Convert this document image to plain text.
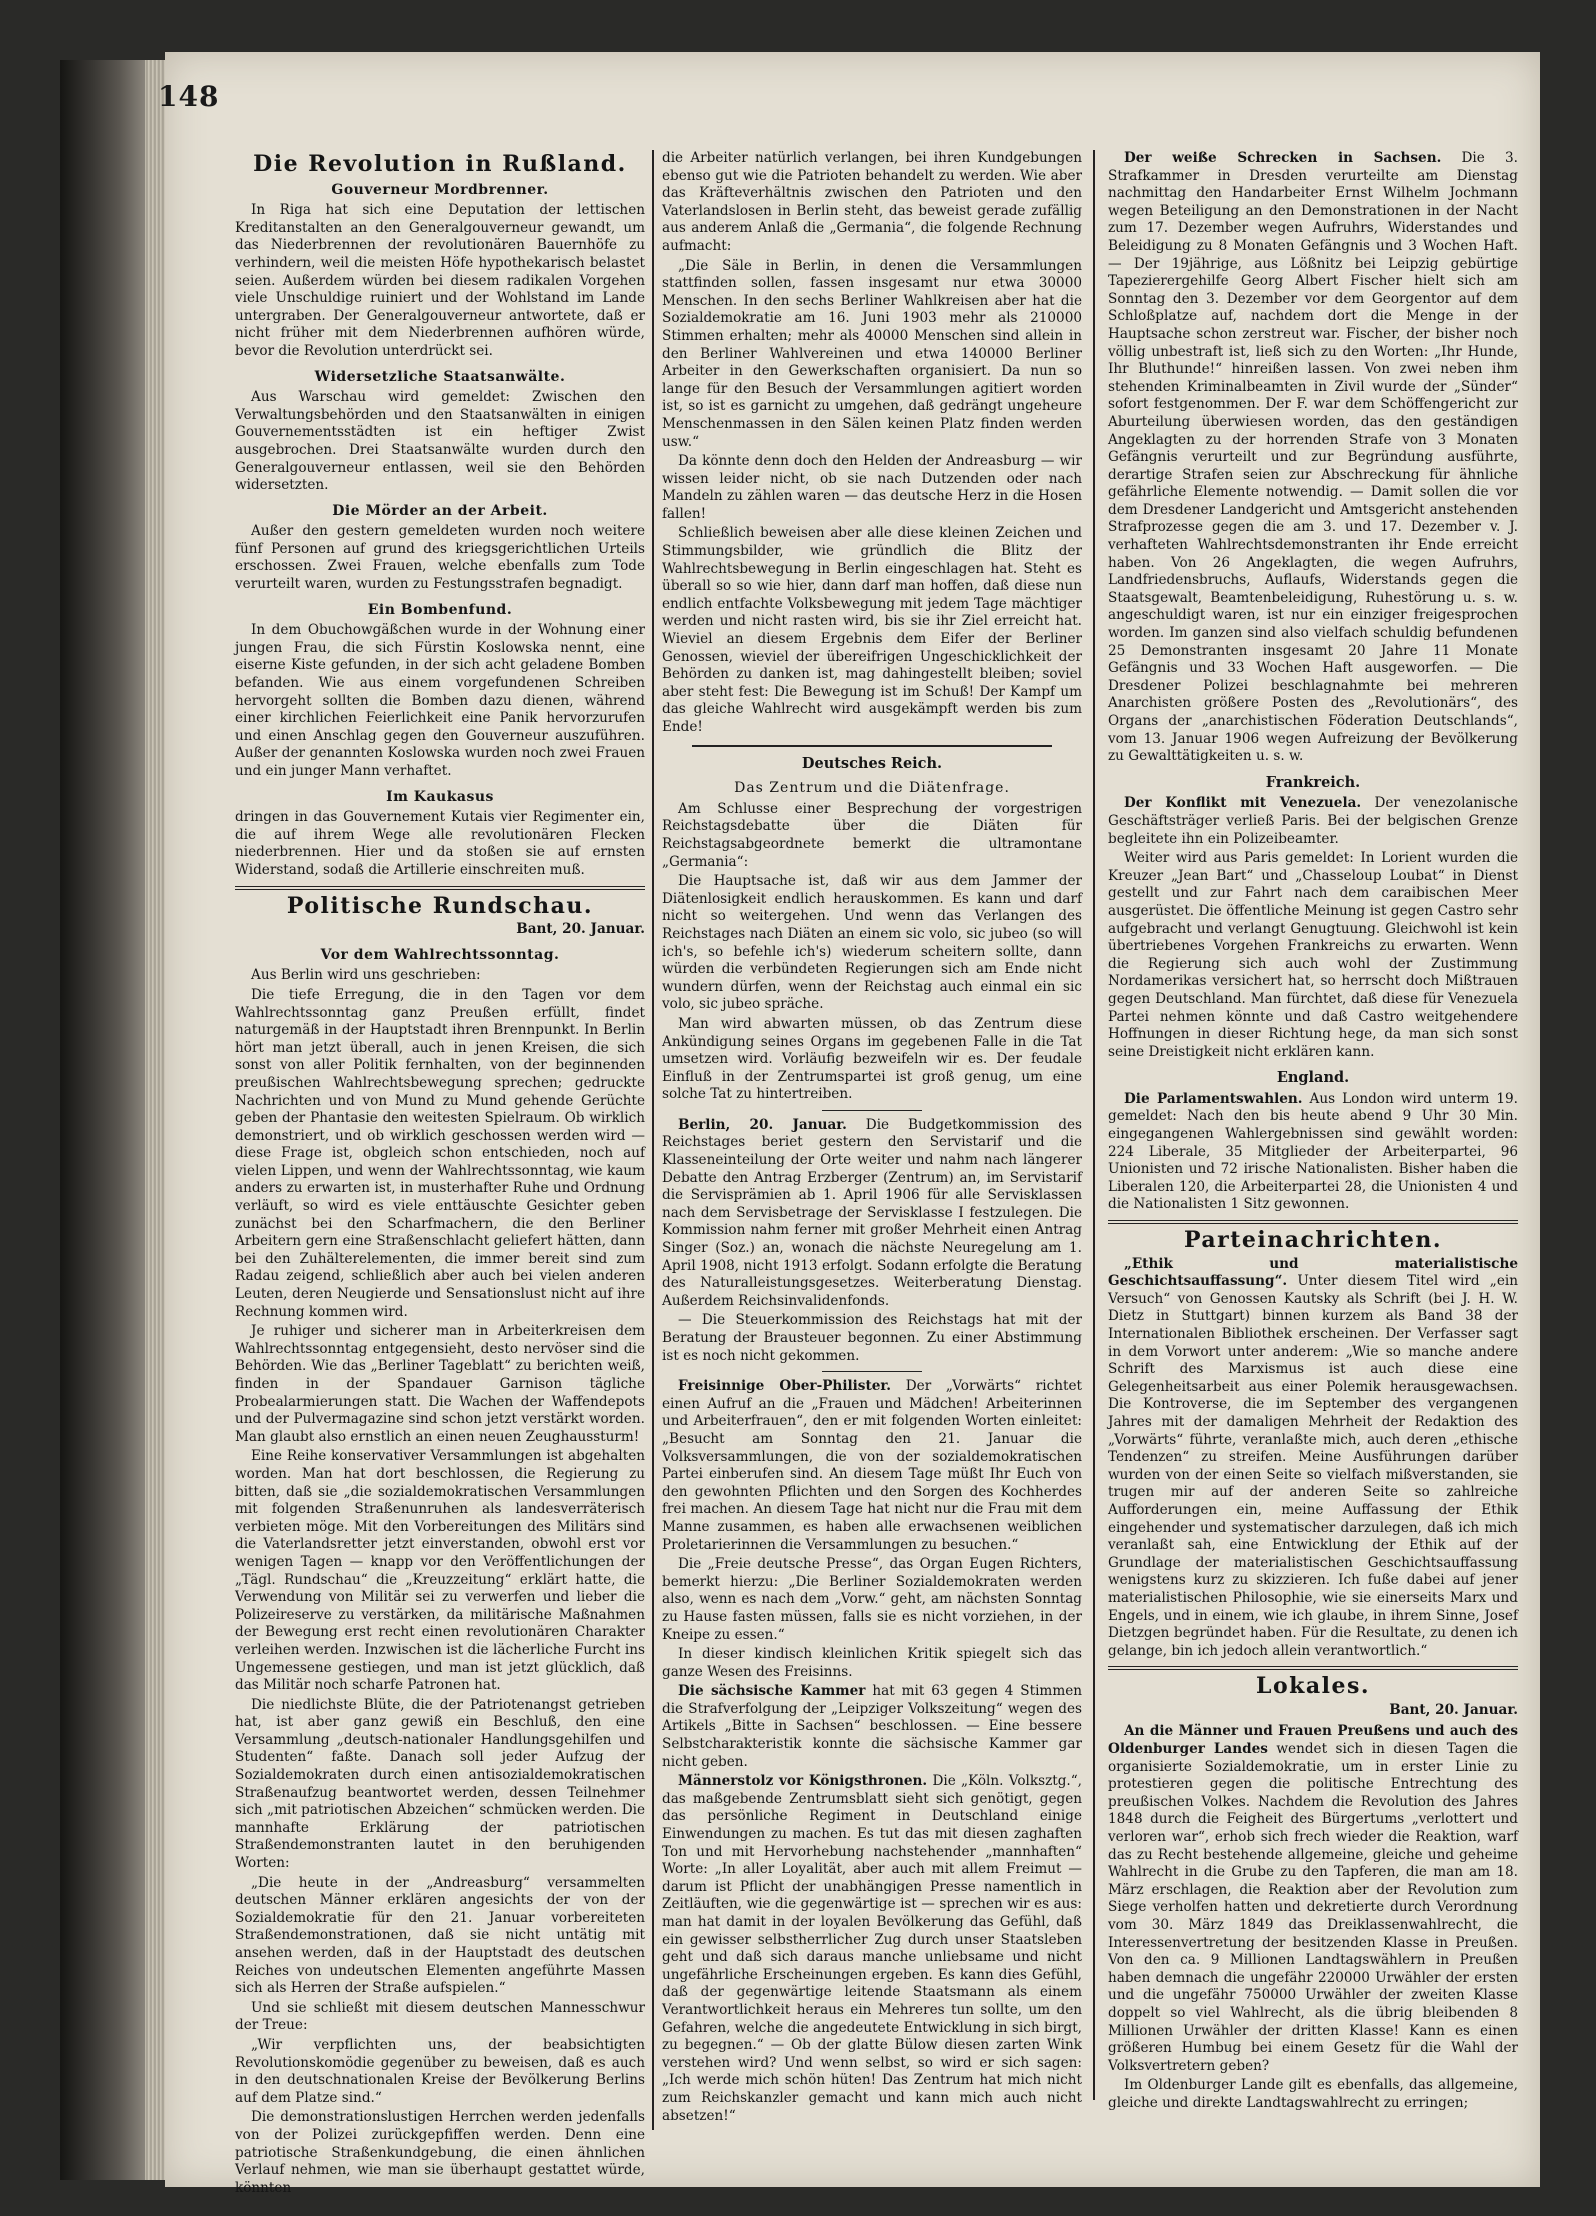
148
Die Revolution in Rußland.
Gouverneur Mordbrenner.

In Riga hat sich eine Deputation der lettischen Kreditanstalten an den Generalgouverneur gewandt, um das Niederbrennen der revolutionären Bauernhöfe zu verhindern, weil die meisten Höfe hypothekarisch belastet seien. Außerdem würden bei diesem radikalen Vorgehen viele Unschuldige ruiniert und der Wohlstand im Lande untergraben. Der Generalgouverneur antwortete, daß er nicht früher mit dem Niederbrennen aufhören würde, bevor die Revolution unterdrückt sei.

Widersetzliche Staatsanwälte.

Aus Warschau wird gemeldet: Zwischen den Verwaltungsbehörden und den Staatsanwälten in einigen Gouvernementsstädten ist ein heftiger Zwist ausgebrochen. Drei Staatsanwälte wurden durch den Generalgouverneur entlassen, weil sie den Behörden widersetzten.

Die Mörder an der Arbeit.

Außer den gestern gemeldeten wurden noch weitere fünf Personen auf grund des kriegsgerichtlichen Urteils erschossen. Zwei Frauen, welche ebenfalls zum Tode verurteilt waren, wurden zu Festungsstrafen begnadigt.

Ein Bombenfund.

In dem Obuchowgäßchen wurde in der Wohnung einer jungen Frau, die sich Fürstin Koslowska nennt, eine eiserne Kiste gefunden, in der sich acht geladene Bomben befanden. Wie aus einem vorgefundenen Schreiben hervorgeht sollten die Bomben dazu dienen, während einer kirchlichen Feierlichkeit eine Panik hervorzurufen und einen Anschlag gegen den Gouverneur auszuführen. Außer der genannten Koslowska wurden noch zwei Frauen und ein junger Mann verhaftet.

Im Kaukasus

dringen in das Gouvernement Kutais vier Regimenter ein, die auf ihrem Wege alle revolutionären Flecken niederbrennen. Hier und da stoßen sie auf ernsten Widerstand, sodaß die Artillerie einschreiten muß.

Politische Rundschau.
Bant, 20. Januar.
Vor dem Wahlrechtssonntag.

Aus Berlin wird uns geschrieben:

Die tiefe Erregung, die in den Tagen vor dem Wahlrechtssonntag ganz Preußen erfüllt, findet naturgemäß in der Hauptstadt ihren Brennpunkt. In Berlin hört man jetzt überall, auch in jenen Kreisen, die sich sonst von aller Politik fernhalten, von der beginnenden preußischen Wahlrechtsbewegung sprechen; gedruckte Nachrichten und von Mund zu Mund gehende Gerüchte geben der Phantasie den weitesten Spielraum. Ob wirklich demonstriert, und ob wirklich geschossen werden wird — diese Frage ist, obgleich schon entschieden, noch auf vielen Lippen, und wenn der Wahlrechtssonntag, wie kaum anders zu erwarten ist, in musterhafter Ruhe und Ordnung verläuft, so wird es viele enttäuschte Gesichter geben zunächst bei den Scharfmachern, die den Berliner Arbeitern gern eine Straßenschlacht geliefert hätten, dann bei den Zuhälterelementen, die immer bereit sind zum Radau zeigend, schließlich aber auch bei vielen anderen Leuten, deren Neugierde und Sensationslust nicht auf ihre Rechnung kommen wird.

Je ruhiger und sicherer man in Arbeiterkreisen dem Wahlrechtssonntag entgegensieht, desto nervöser sind die Behörden. Wie das „Berliner Tageblatt“ zu berichten weiß, finden in der Spandauer Garnison tägliche Probealarmierungen statt. Die Wachen der Waffendepots und der Pulvermagazine sind schon jetzt verstärkt worden. Man glaubt also ernstlich an einen neuen Zeughaussturm!

Eine Reihe konservativer Versammlungen ist abgehalten worden. Man hat dort beschlossen, die Regierung zu bitten, daß sie „die sozialdemokratischen Versammlungen mit folgenden Straßenunruhen als landesverräterisch verbieten möge. Mit den Vorbereitungen des Militärs sind die Vaterlandsretter jetzt einverstanden, obwohl erst vor wenigen Tagen — knapp vor den Veröffentlichungen der „Tägl. Rundschau“ die „Kreuzzeitung“ erklärt hatte, die Verwendung von Militär sei zu verwerfen und lieber die Polizeireserve zu verstärken, da militärische Maßnahmen der Bewegung erst recht einen revolutionären Charakter verleihen werden. Inzwischen ist die lächerliche Furcht ins Ungemessene gestiegen, und man ist jetzt glücklich, daß das Militär noch scharfe Patronen hat.

Die niedlichste Blüte, die der Patriotenangst getrieben hat, ist aber ganz gewiß ein Beschluß, den eine Versammlung „deutsch-nationaler Handlungsgehilfen und Studenten“ faßte. Danach soll jeder Aufzug der Sozialdemokraten durch einen antisozialdemokratischen Straßenaufzug beantwortet werden, dessen Teilnehmer sich „mit patriotischen Abzeichen“ schmücken werden. Die mannhafte Erklärung der patriotischen Straßendemonstranten lautet in den beruhigenden Worten:

„Die heute in der „Andreasburg“ versammelten deutschen Männer erklären angesichts der von der Sozialdemokratie für den 21. Januar vorbereiteten Straßendemonstrationen, daß sie nicht untätig mit ansehen werden, daß in der Hauptstadt des deutschen Reiches von undeutschen Elementen angeführte Massen sich als Herren der Straße aufspielen.“

Und sie schließt mit diesem deutschen Mannesschwur der Treue:

„Wir verpflichten uns, der beabsichtigten Revolutionskomödie gegenüber zu beweisen, daß es auch in den deutschnationalen Kreise der Bevölkerung Berlins auf dem Platze sind.“

Die demonstrationslustigen Herrchen werden jedenfalls von der Polizei zurückgepfiffen werden. Denn eine patriotische Straßenkundgebung, die einen ähnlichen Verlauf nehmen, wie man sie überhaupt gestattet würde, könnten

die Arbeiter natürlich verlangen, bei ihren Kundgebungen ebenso gut wie die Patrioten behandelt zu werden. Wie aber das Kräfteverhältnis zwischen den Patrioten und den Vaterlandslosen in Berlin steht, das beweist gerade zufällig aus anderem Anlaß die „Germania“, die folgende Rechnung aufmacht:

„Die Säle in Berlin, in denen die Versammlungen stattfinden sollen, fassen insgesamt nur etwa 30000 Menschen. In den sechs Berliner Wahlkreisen aber hat die Sozialdemokratie am 16. Juni 1903 mehr als 210000 Stimmen erhalten; mehr als 40000 Menschen sind allein in den Berliner Wahlvereinen und etwa 140000 Berliner Arbeiter in den Gewerkschaften organisiert. Da nun so lange für den Besuch der Versammlungen agitiert worden ist, so ist es garnicht zu umgehen, daß gedrängt ungeheure Menschenmassen in den Sälen keinen Platz finden werden usw.“

Da könnte denn doch den Helden der Andreasburg — wir wissen leider nicht, ob sie nach Dutzenden oder nach Mandeln zu zählen waren — das deutsche Herz in die Hosen fallen!

Schließlich beweisen aber alle diese kleinen Zeichen und Stimmungsbilder, wie gründlich die Blitz der Wahlrechtsbewegung in Berlin eingeschlagen hat. Steht es überall so so wie hier, dann darf man hoffen, daß diese nun endlich entfachte Volksbewegung mit jedem Tage mächtiger werden und nicht rasten wird, bis sie ihr Ziel erreicht hat. Wieviel an diesem Ergebnis dem Eifer der Berliner Genossen, wieviel der übereifrigen Ungeschicklichkeit der Behörden zu danken ist, mag dahingestellt bleiben; soviel aber steht fest: Die Bewegung ist im Schuß! Der Kampf um das gleiche Wahlrecht wird ausgekämpft werden bis zum Ende!

Deutsches Reich.
Das Zentrum und die Diätenfrage.

Am Schlusse einer Besprechung der vorgestrigen Reichstagsdebatte über die Diäten für Reichstagsabgeordnete bemerkt die ultramontane „Germania“:

Die Hauptsache ist, daß wir aus dem Jammer der Diätenlosigkeit endlich herauskommen. Es kann und darf nicht so weitergehen. Und wenn das Verlangen des Reichstages nach Diäten an einem sic volo, sic jubeo (so will ich's, so befehle ich's) wiederum scheitern sollte, dann würden die verbündeten Regierungen sich am Ende nicht wundern dürfen, wenn der Reichstag auch einmal ein sic volo, sic jubeo spräche.

Man wird abwarten müssen, ob das Zentrum diese Ankündigung seines Organs im gegebenen Falle in die Tat umsetzen wird. Vorläufig bezweifeln wir es. Der feudale Einfluß in der Zentrumspartei ist groß genug, um eine solche Tat zu hintertreiben.

Berlin, 20. Januar. Die Budgetkommission des Reichstages beriet gestern den Servistarif und die Klasseneinteilung der Orte weiter und nahm nach längerer Debatte den Antrag Erzberger (Zentrum) an, im Servistarif die Servisprämien ab 1. April 1906 für alle Servisklassen nach dem Servisbetrage der Servisklasse I festzulegen. Die Kommission nahm ferner mit großer Mehrheit einen Antrag Singer (Soz.) an, wonach die nächste Neuregelung am 1. April 1908, nicht 1913 erfolgt. Sodann erfolgte die Beratung des Naturalleistungsgesetzes. Weiterberatung Dienstag. Außerdem Reichsinvalidenfonds.

— Die Steuerkommission des Reichstags hat mit der Beratung der Brausteuer begonnen. Zu einer Abstimmung ist es noch nicht gekommen.

Freisinnige Ober-Philister. Der „Vorwärts“ richtet einen Aufruf an die „Frauen und Mädchen! Arbeiterinnen und Arbeiterfrauen“, den er mit folgenden Worten einleitet: „Besucht am Sonntag den 21. Januar die Volksversammlungen, die von der sozialdemokratischen Partei einberufen sind. An diesem Tage müßt Ihr Euch von den gewohnten Pflichten und den Sorgen des Kochherdes frei machen. An diesem Tage hat nicht nur die Frau mit dem Manne zusammen, es haben alle erwachsenen weiblichen Proletarierinnen die Versammlungen zu besuchen.“

Die „Freie deutsche Presse“, das Organ Eugen Richters, bemerkt hierzu: „Die Berliner Sozialdemokraten werden also, wenn es nach dem „Vorw.“ geht, am nächsten Sonntag zu Hause fasten müssen, falls sie es nicht vorziehen, in der Kneipe zu essen.“

In dieser kindisch kleinlichen Kritik spiegelt sich das ganze Wesen des Freisinns.

Die sächsische Kammer hat mit 63 gegen 4 Stimmen die Strafverfolgung der „Leipziger Volkszeitung“ wegen des Artikels „Bitte in Sachsen“ beschlossen. — Eine bessere Selbstcharakteristik konnte die sächsische Kammer gar nicht geben.

Männerstolz vor Königsthronen. Die „Köln. Volksztg.“, das maßgebende Zentrumsblatt sieht sich genötigt, gegen das persönliche Regiment in Deutschland einige Einwendungen zu machen. Es tut das mit diesen zaghaften Ton und mit Hervorhebung nachstehender „mannhaften“ Worte: „In aller Loyalität, aber auch mit allem Freimut — darum ist Pflicht der unabhängigen Presse namentlich in Zeitläuften, wie die gegenwärtige ist — sprechen wir es aus: man hat damit in der loyalen Bevölkerung das Gefühl, daß ein gewisser selbstherrlicher Zug durch unser Staatsleben geht und daß sich daraus manche unliebsame und nicht ungefährliche Erscheinungen ergeben. Es kann dies Gefühl, daß der gegenwärtige leitende Staatsmann als einem Verantwortlichkeit heraus ein Mehreres tun sollte, um den Gefahren, welche die angedeutete Entwicklung in sich birgt, zu begegnen.“ — Ob der glatte Bülow diesen zarten Wink verstehen wird? Und wenn selbst, so wird er sich sagen: „Ich werde mich schön hüten! Das Zentrum hat mich nicht zum Reichskanzler gemacht und kann mich auch nicht absetzen!“

Der weiße Schrecken in Sachsen. Die 3. Strafkammer in Dresden verurteilte am Dienstag nachmittag den Handarbeiter Ernst Wilhelm Jochmann wegen Beteiligung an den Demonstrationen in der Nacht zum 17. Dezember wegen Aufruhrs, Widerstandes und Beleidigung zu 8 Monaten Gefängnis und 3 Wochen Haft. — Der 19jährige, aus Lößnitz bei Leipzig gebürtige Tapezierergehilfe Georg Albert Fischer hielt sich am Sonntag den 3. Dezember vor dem Georgentor auf dem Schloßplatze auf, nachdem dort die Menge in der Hauptsache schon zerstreut war. Fischer, der bisher noch völlig unbestraft ist, ließ sich zu den Worten: „Ihr Hunde, Ihr Bluthunde!“ hinreißen lassen. Von zwei neben ihm stehenden Kriminalbeamten in Zivil wurde der „Sünder“ sofort festgenommen. Der F. war dem Schöffengericht zur Aburteilung überwiesen worden, das den geständigen Angeklagten zu der horrenden Strafe von 3 Monaten Gefängnis verurteilt und zur Begründung ausführte, derartige Strafen seien zur Abschreckung für ähnliche gefährliche Elemente notwendig. — Damit sollen die vor dem Dresdener Landgericht und Amtsgericht anstehenden Strafprozesse gegen die am 3. und 17. Dezember v. J. verhafteten Wahlrechtsdemonstranten ihr Ende erreicht haben. Von 26 Angeklagten, die wegen Aufruhrs, Landfriedensbruchs, Auflaufs, Widerstands gegen die Staatsgewalt, Beamtenbeleidigung, Ruhestörung u. s. w. angeschuldigt waren, ist nur ein einziger freigesprochen worden. Im ganzen sind also vielfach schuldig befundenen 25 Demonstranten insgesamt 20 Jahre 11 Monate Gefängnis und 33 Wochen Haft ausgeworfen. — Die Dresdener Polizei beschlagnahmte bei mehreren Anarchisten größere Posten des „Revolutionärs“, des Organs der „anarchistischen Föderation Deutschlands“, vom 13. Januar 1906 wegen Aufreizung der Bevölkerung zu Gewalttätigkeiten u. s. w.

Frankreich.

Der Konflikt mit Venezuela. Der venezolanische Geschäftsträger verließ Paris. Bei der belgischen Grenze begleitete ihn ein Polizeibeamter.

Weiter wird aus Paris gemeldet: In Lorient wurden die Kreuzer „Jean Bart“ und „Chasseloup Loubat“ in Dienst gestellt und zur Fahrt nach dem caraibischen Meer ausgerüstet. Die öffentliche Meinung ist gegen Castro sehr aufgebracht und verlangt Genugtuung. Gleichwohl ist kein übertriebenes Vorgehen Frankreichs zu erwarten. Wenn die Regierung sich auch wohl der Zustimmung Nordamerikas versichert hat, so herrscht doch Mißtrauen gegen Deutschland. Man fürchtet, daß diese für Venezuela Partei nehmen könnte und daß Castro weitgehendere Hoffnungen in dieser Richtung hege, da man sich sonst seine Dreistigkeit nicht erklären kann.

England.

Die Parlamentswahlen. Aus London wird unterm 19. gemeldet: Nach den bis heute abend 9 Uhr 30 Min. eingegangenen Wahlergebnissen sind gewählt worden: 224 Liberale, 35 Mitglieder der Arbeiterpartei, 96 Unionisten und 72 irische Nationalisten. Bisher haben die Liberalen 120, die Arbeiterpartei 28, die Unionisten 4 und die Nationalisten 1 Sitz gewonnen.

Parteinachrichten.

„Ethik und materialistische Geschichtsauffassung“. Unter diesem Titel wird „ein Versuch“ von Genossen Kautsky als Schrift (bei J. H. W. Dietz in Stuttgart) binnen kurzem als Band 38 der Internationalen Bibliothek erscheinen. Der Verfasser sagt in dem Vorwort unter anderem: „Wie so manche andere Schrift des Marxismus ist auch diese eine Gelegenheitsarbeit aus einer Polemik herausgewachsen. Die Kontroverse, die im September des vergangenen Jahres mit der damaligen Mehrheit der Redaktion des „Vorwärts“ führte, veranlaßte mich, auch deren „ethische Tendenzen“ zu streifen. Meine Ausführungen darüber wurden von der einen Seite so vielfach mißverstanden, sie trugen mir auf der anderen Seite so zahlreiche Aufforderungen ein, meine Auffassung der Ethik eingehender und systematischer darzulegen, daß ich mich veranlaßt sah, eine Entwicklung der Ethik auf der Grundlage der materialistischen Geschichtsauffassung wenigstens kurz zu skizzieren. Ich fuße dabei auf jener materialistischen Philosophie, wie sie einerseits Marx und Engels, und in einem, wie ich glaube, in ihrem Sinne, Josef Dietzgen begründet haben. Für die Resultate, zu denen ich gelange, bin ich jedoch allein verantwortlich.“

Lokales.
Bant, 20. Januar.

An die Männer und Frauen Preußens und auch des Oldenburger Landes wendet sich in diesen Tagen die organisierte Sozialdemokratie, um in erster Linie zu protestieren gegen die politische Entrechtung des preußischen Volkes. Nachdem die Revolution des Jahres 1848 durch die Feigheit des Bürgertums „verlottert und verloren war“, erhob sich frech wieder die Reaktion, warf das zu Recht bestehende allgemeine, gleiche und geheime Wahlrecht in die Grube zu den Tapferen, die man am 18. März erschlagen, die Reaktion aber der Revolution zum Siege verholfen hatten und dekretierte durch Verordnung vom 30. März 1849 das Dreiklassenwahlrecht, die Interessenvertretung der besitzenden Klasse in Preußen. Von den ca. 9 Millionen Landtagswählern in Preußen haben demnach die ungefähr 220000 Urwähler der ersten und die ungefähr 750000 Urwähler der zweiten Klasse doppelt so viel Wahlrecht, als die übrig bleibenden 8 Millionen Urwähler der dritten Klasse! Kann es einen größeren Humbug bei einem Gesetz für die Wahl der Volksvertretern geben?

Im Oldenburger Lande gilt es ebenfalls, das allgemeine, gleiche und direkte Landtagswahlrecht zu erringen;
